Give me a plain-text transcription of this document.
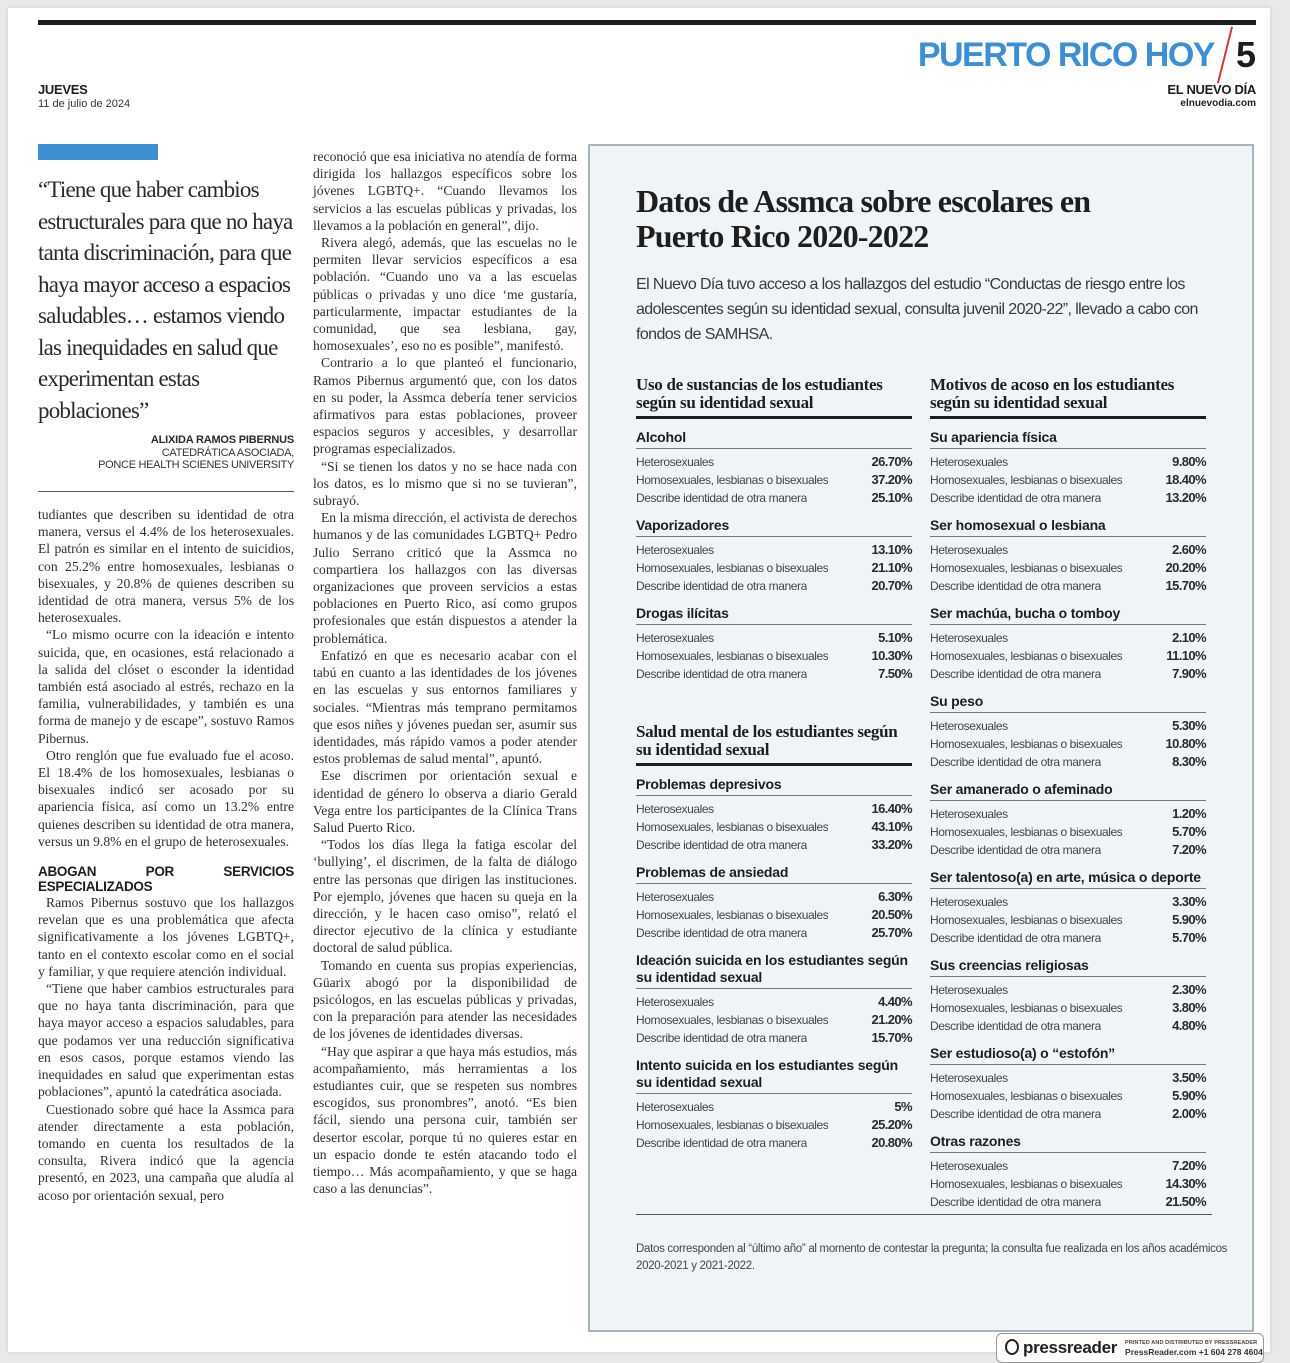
PUERTO RICO HOY 5
JUEVES
11 de julio de 2024
EL NUEVO DÍA
elnuevodia.com
“Tiene que haber cambios estructurales para que no haya tanta discriminación, para que haya mayor acceso a espacios saludables… estamos viendo las inequidades en salud que experimentan estas poblaciones”
ALIXIDA RAMOS PIBERNUS
CATEDRÁTICA ASOCIADA,
PONCE HEALTH SCIENES UNIVERSITY

tudiantes que describen su identidad de otra manera, versus el 4.4% de los heterosexuales. El patrón es similar en el intento de suicidios, con 25.2% entre homosexuales, lesbianas o bisexuales, y 20.8% de quienes describen su identidad de otra manera, versus 5% de los heterosexuales.

“Lo mismo ocurre con la ideación e intento suicida, que, en ocasiones, está relacionado a la salida del clóset o esconder la identidad también está asociado al estrés, rechazo en la familia, vulnerabilidades, y también es una forma de manejo y de escape”, sostuvo Ramos Pibernus.

Otro renglón que fue evaluado fue el acoso. El 18.4% de los homosexuales, lesbianas o bisexuales indicó ser acosado por su apariencia física, así como un 13.2% entre quienes describen su identidad de otra manera, versus un 9.8% en el grupo de heterosexuales.

ABOGAN POR SERVICIOS ESPECIALIZADOS

Ramos Pibernus sostuvo que los hallazgos revelan que es una problemática que afecta significativamente a los jóvenes LGBTQ+, tanto en el contexto escolar como en el social y familiar, y que requiere atención individual.

“Tiene que haber cambios estructurales para que no haya tanta discriminación, para que haya mayor acceso a espacios saludables, para que podamos ver una reducción significativa en esos casos, porque estamos viendo las inequidades en salud que experimentan estas poblaciones”, apuntó la catedrática asociada.

Cuestionado sobre qué hace la Assmca para atender directamente a esta población, tomando en cuenta los resultados de la consulta, Rivera indicó que la agencia presentó, en 2023, una campaña que aludía al acoso por orientación sexual, pero

reconoció que esa iniciativa no atendía de forma dirigida los hallazgos específicos sobre los jóvenes LGBTQ+. “Cuando llevamos los servicios a las escuelas públicas y privadas, los llevamos a la población en general”, dijo.

Rivera alegó, además, que las escuelas no le permiten llevar servicios específicos a esa población. “Cuando uno va a las escuelas públicas o privadas y uno dice ‘me gustaría, particularmente, impactar estudiantes de la comunidad, que sea lesbiana, gay, homosexuales’, eso no es posible”, manifestó.

Contrario a lo que planteó el funcionario, Ramos Pibernus argumentó que, con los datos en su poder, la Assmca debería tener servicios afirmativos para estas poblaciones, proveer espacios seguros y accesibles, y desarrollar programas especializados.

“Si se tienen los datos y no se hace nada con los datos, es lo mismo que si no se tuvieran”, subrayó.

En la misma dirección, el activista de derechos humanos y de las comunidades LGBTQ+ Pedro Julio Serrano criticó que la Assmca no compartiera los hallazgos con las diversas organizaciones que proveen servicios a estas poblaciones en Puerto Rico, así como grupos profesionales que están dispuestos a atender la problemática.

Enfatizó en que es necesario acabar con el tabú en cuanto a las identidades de los jóvenes en las escuelas y sus entornos familiares y sociales. “Mientras más temprano permitamos que esos niñes y jóvenes puedan ser, asumir sus identidades, más rápido vamos a poder atender estos problemas de salud mental”, apuntó.

Ese discrimen por orientación sexual e identidad de género lo observa a diario Gerald Vega entre los participantes de la Clínica Trans Salud Puerto Rico.

“Todos los días llega la fatiga escolar del ‘bullying’, el discrimen, de la falta de diálogo entre las personas que dirigen las instituciones. Por ejemplo, jóvenes que hacen su queja en la dirección, y le hacen caso omiso”, relató el director ejecutivo de la clínica y estudiante doctoral de salud pública.

Tomando en cuenta sus propias experiencias, Güarix abogó por la disponibilidad de psicólogos, en las escuelas públicas y privadas, con la preparación para atender las necesidades de los jóvenes de identidades diversas.

“Hay que aspirar a que haya más estudios, más acompañamiento, más herramientas a los estudiantes cuir, que se respeten sus nombres escogidos, sus pronombres”, anotó. “Es bien fácil, siendo una persona cuir, también ser desertor escolar, porque tú no quieres estar en un espacio donde te estén atacando todo el tiempo… Más acompañamiento, y que se haga caso a las denuncias”.

Datos de Assmca sobre escolares en Puerto Rico 2020-2022
El Nuevo Día tuvo acceso a los hallazgos del estudio “Conductas de riesgo entre los adolescentes según su identidad sexual, consulta juvenil 2020-22”, llevado a cabo con fondos de SAMHSA.
Uso de sustancias de los estudiantes según su identidad sexual
Alcohol
Heterosexuales	26.70%
Homosexuales, lesbianas o bisexuales	37.20%
Describe identidad de otra manera	25.10%
Vaporizadores
Heterosexuales	13.10%
Homosexuales, lesbianas o bisexuales	21.10%
Describe identidad de otra manera	20.70%
Drogas ilícitas
Heterosexuales	5.10%
Homosexuales, lesbianas o bisexuales	10.30%
Describe identidad de otra manera	7.50%
Salud mental de los estudiantes según su identidad sexual
Problemas depresivos
Heterosexuales	16.40%
Homosexuales, lesbianas o bisexuales	43.10%
Describe identidad de otra manera	33.20%
Problemas de ansiedad
Heterosexuales	6.30%
Homosexuales, lesbianas o bisexuales	20.50%
Describe identidad de otra manera	25.70%
Ideación suicida en los estudiantes según su identidad sexual
Heterosexuales	4.40%
Homosexuales, lesbianas o bisexuales	21.20%
Describe identidad de otra manera	15.70%
Intento suicida en los estudiantes según su identidad sexual
Heterosexuales	5%
Homosexuales, lesbianas o bisexuales	25.20%
Describe identidad de otra manera	20.80%
Motivos de acoso en los estudiantes según su identidad sexual
Su apariencia física
Heterosexuales	9.80%
Homosexuales, lesbianas o bisexuales	18.40%
Describe identidad de otra manera	13.20%
Ser homosexual o lesbiana
Heterosexuales	2.60%
Homosexuales, lesbianas o bisexuales	20.20%
Describe identidad de otra manera	15.70%
Ser machúa, bucha o tomboy
Heterosexuales	2.10%
Homosexuales, lesbianas o bisexuales	11.10%
Describe identidad de otra manera	7.90%
Su peso
Heterosexuales	5.30%
Homosexuales, lesbianas o bisexuales	10.80%
Describe identidad de otra manera	8.30%
Ser amanerado o afeminado
Heterosexuales	1.20%
Homosexuales, lesbianas o bisexuales	5.70%
Describe identidad de otra manera	7.20%
Ser talentoso(a) en arte, música o deporte
Heterosexuales	3.30%
Homosexuales, lesbianas o bisexuales	5.90%
Describe identidad de otra manera	5.70%
Sus creencias religiosas
Heterosexuales	2.30%
Homosexuales, lesbianas o bisexuales	3.80%
Describe identidad de otra manera	4.80%
Ser estudioso(a) o “estofón”
Heterosexuales	3.50%
Homosexuales, lesbianas o bisexuales	5.90%
Describe identidad de otra manera	2.00%
Otras razones
Heterosexuales	7.20%
Homosexuales, lesbianas o bisexuales	14.30%
Describe identidad de otra manera	21.50%
Datos corresponden al “último año” al momento de contestar la pregunta; la consulta fue realizada en los años académicos 2020-2021 y 2021-2022.
pressreader PRINTED AND DISTRIBUTED BY PRESSREADER
PressReader.com +1 604 278 4604
